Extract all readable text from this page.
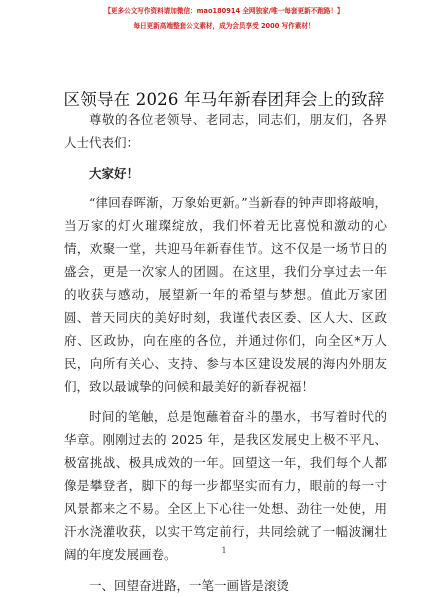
【更多公文写作资料请加微信：mao180914 全网独家/唯一每套更新不跑路！】
每日更新高端整套公文素材，成为会员享受 2000 写作素材！
区领导在 2026 年马年新春团拜会上的致辞

尊敬的各位老领导、老同志，同志们，朋友们，各界人士代表们：

大家好！

“律回春晖渐，万象始更新。”当新春的钟声即将敲响，当万家的灯火璀璨绽放，我们怀着无比喜悦和激动的心情，欢聚一堂，共迎马年新春佳节。这不仅是一场节日的盛会，更是一次家人的团圆。在这里，我们分享过去一年的收获与感动，展望新一年的希望与梦想。值此万家团圆、普天同庆的美好时刻，我谨代表区委、区人大、区政府、区政协，向在座的各位，并通过你们，向全区*万人民，向所有关心、支持、参与本区建设发展的海内外朋友们，致以最诚挚的问候和最美好的新春祝福！

时间的笔触，总是饱蘸着奋斗的墨水，书写着时代的华章。刚刚过去的 2025 年，是我区发展史上极不平凡、极富挑战、极具成效的一年。回望这一年，我们每个人都像是攀登者，脚下的每一步都坚实而有力，眼前的每一寸风景都来之不易。全区上下心往一处想、劲往一处使，用汗水浇灌收获，以实干笃定前行，共同绘就了一幅波澜壮阔的年度发展画卷。

一、回望奋进路，一笔一画皆是滚烫

1
